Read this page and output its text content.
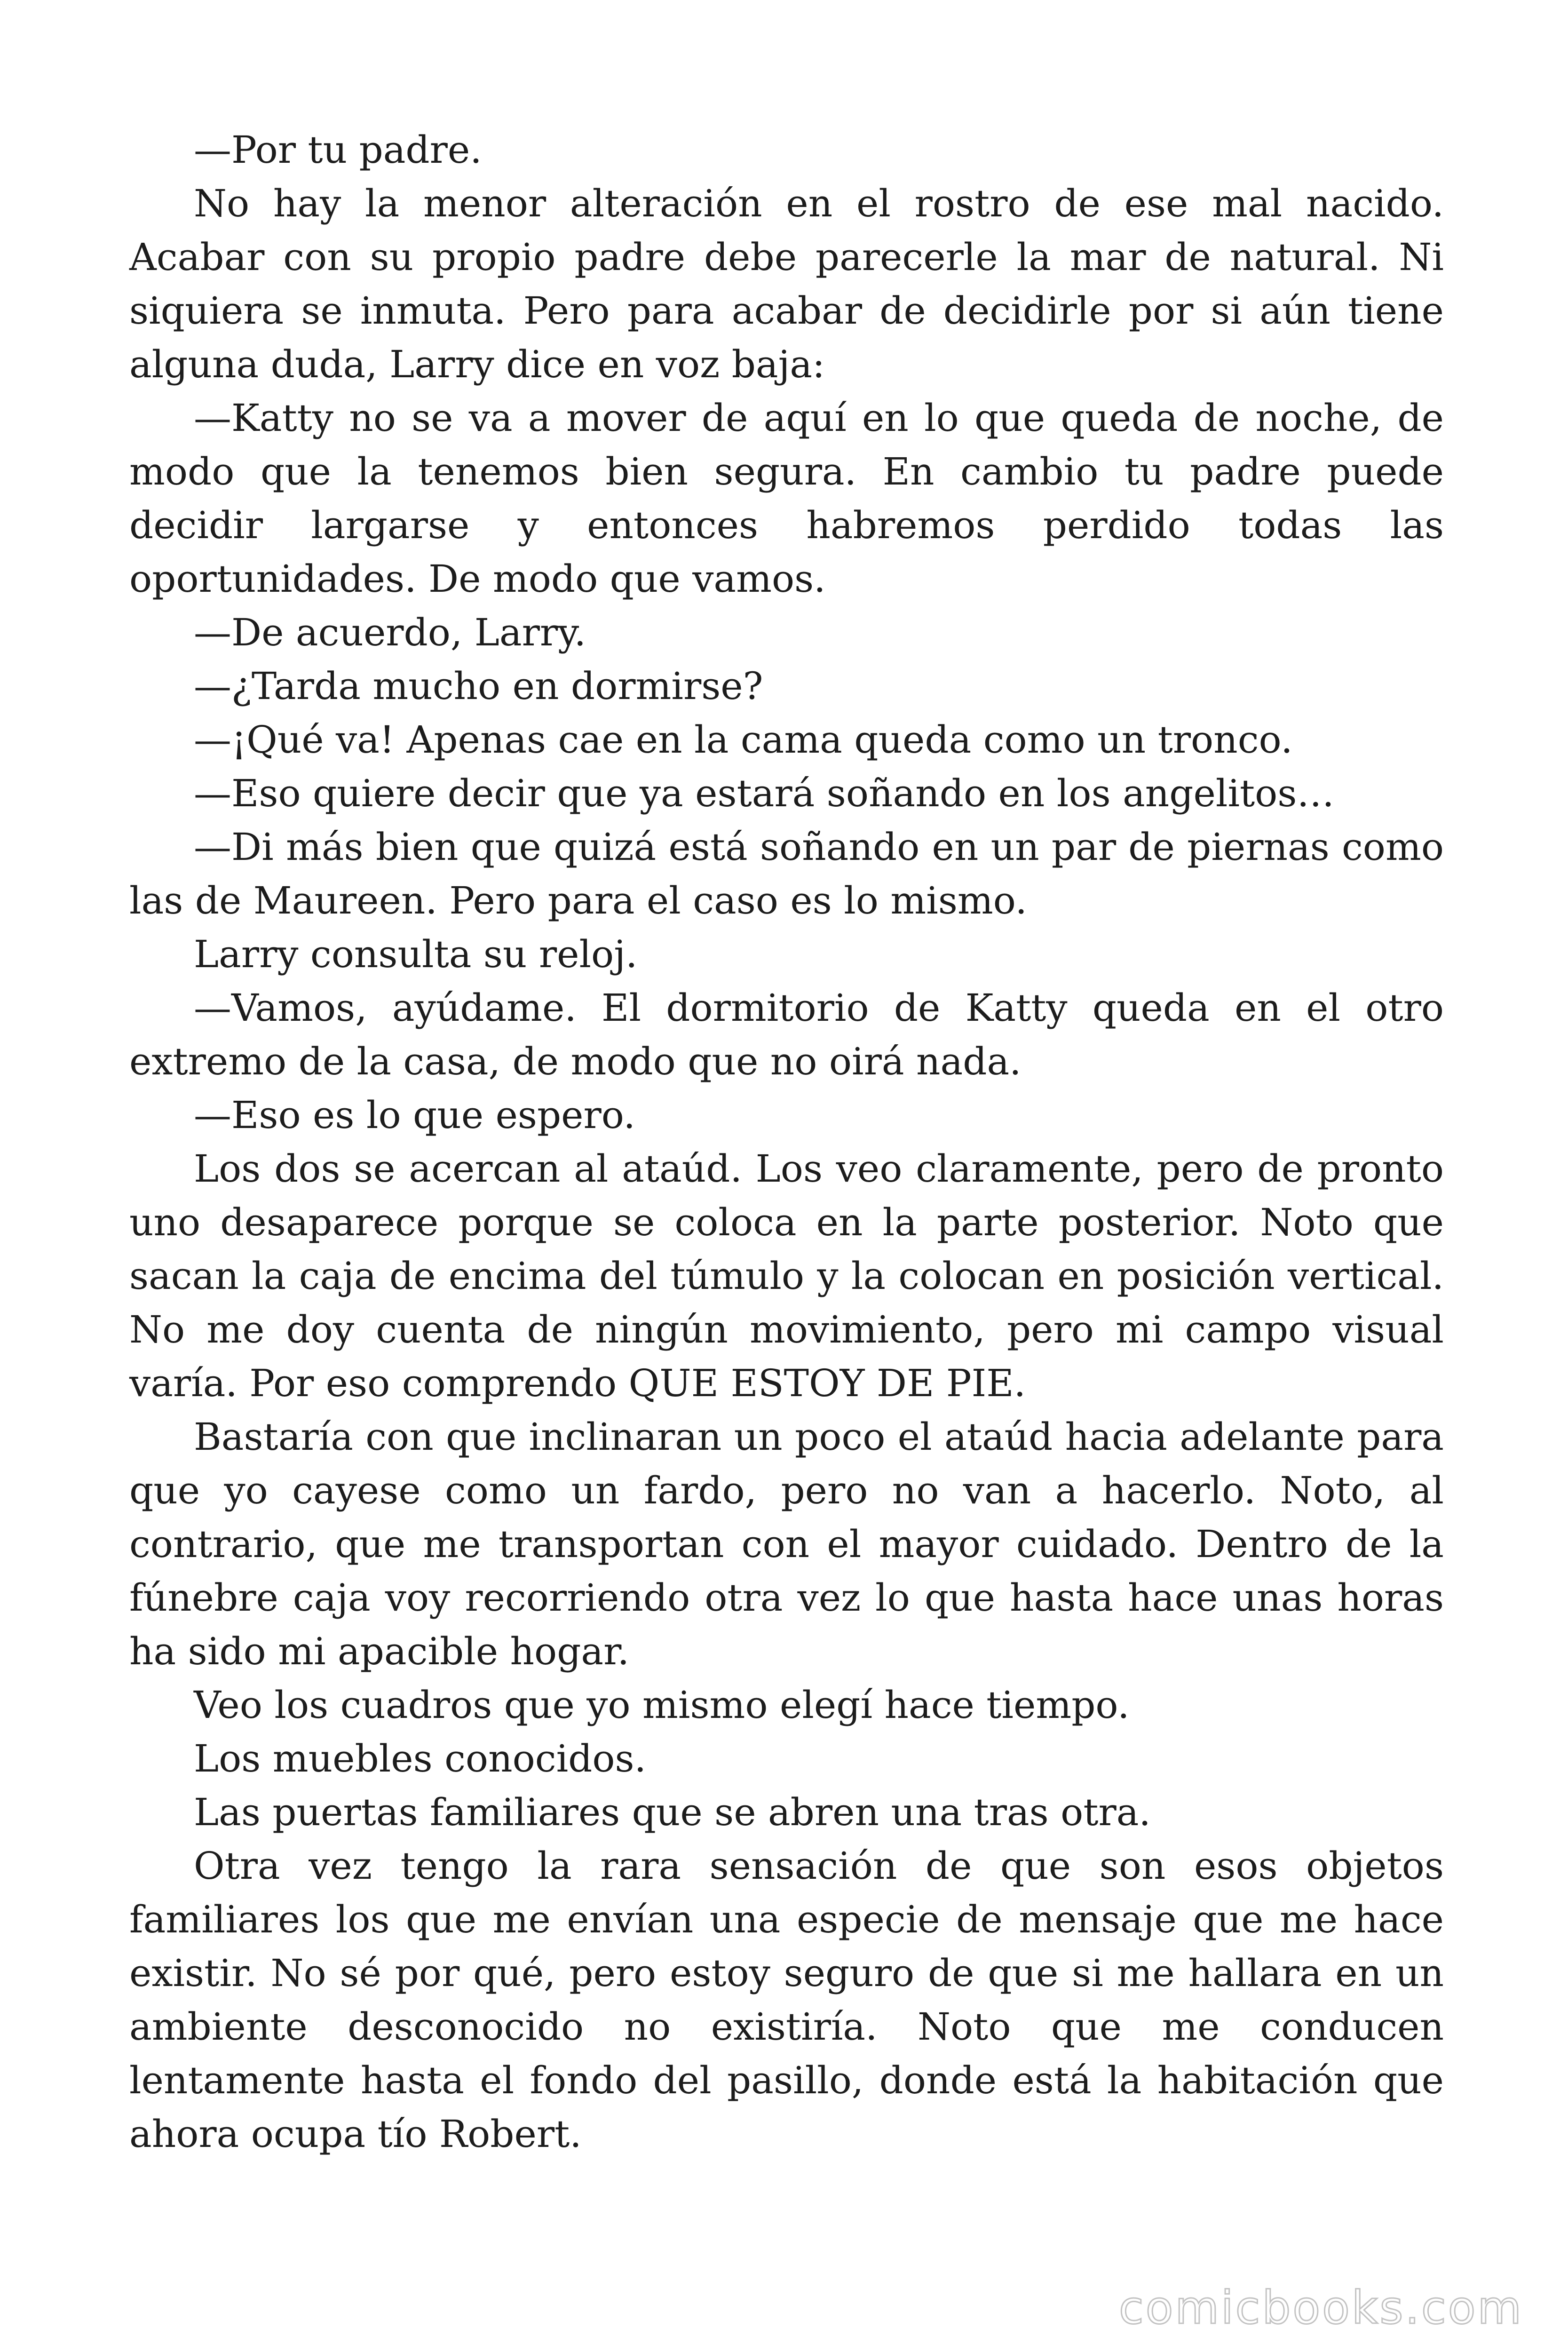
—Por tu padre.

No hay la menor alteración en el rostro de ese mal nacido. Acabar con su propio padre debe parecerle la mar de natural. Ni siquiera se inmuta. Pero para acabar de decidirle por si aún tiene alguna duda, Larry dice en voz baja:

—Katty no se va a mover de aquí en lo que queda de noche, de modo que la tenemos bien segura. En cambio tu padre puede decidir largarse y entonces habremos perdido todas las oportunidades. De modo que vamos.

—De acuerdo, Larry.

—¿Tarda mucho en dormirse?

—¡Qué va! Apenas cae en la cama queda como un tronco.

—Eso quiere decir que ya estará soñando en los angelitos…

—Di más bien que quizá está soñando en un par de piernas como las de Maureen. Pero para el caso es lo mismo.

Larry consulta su reloj.

—Vamos, ayúdame. El dormitorio de Katty queda en el otro extremo de la casa, de modo que no oirá nada.

—Eso es lo que espero.

Los dos se acercan al ataúd. Los veo claramente, pero de pronto uno desaparece porque se coloca en la parte posterior. Noto que sacan la caja de encima del túmulo y la colocan en posición vertical. No me doy cuenta de ningún movimiento, pero mi campo visual varía. Por eso comprendo QUE ESTOY DE PIE.

Bastaría con que inclinaran un poco el ataúd hacia adelante para que yo cayese como un fardo, pero no van a hacerlo. Noto, al contrario, que me transportan con el mayor cuidado. Dentro de la fúnebre caja voy recorriendo otra vez lo que hasta hace unas horas ha sido mi apacible hogar.

Veo los cuadros que yo mismo elegí hace tiempo.

Los muebles conocidos.

Las puertas familiares que se abren una tras otra.

Otra vez tengo la rara sensación de que son esos objetos familiares los que me envían una especie de mensaje que me hace existir. No sé por qué, pero estoy seguro de que si me hallara en un ambiente desconocido no existiría. Noto que me conducen lentamente hasta el fondo del pasillo, donde está la habitación que ahora ocupa tío Robert.

comicbooks.com
